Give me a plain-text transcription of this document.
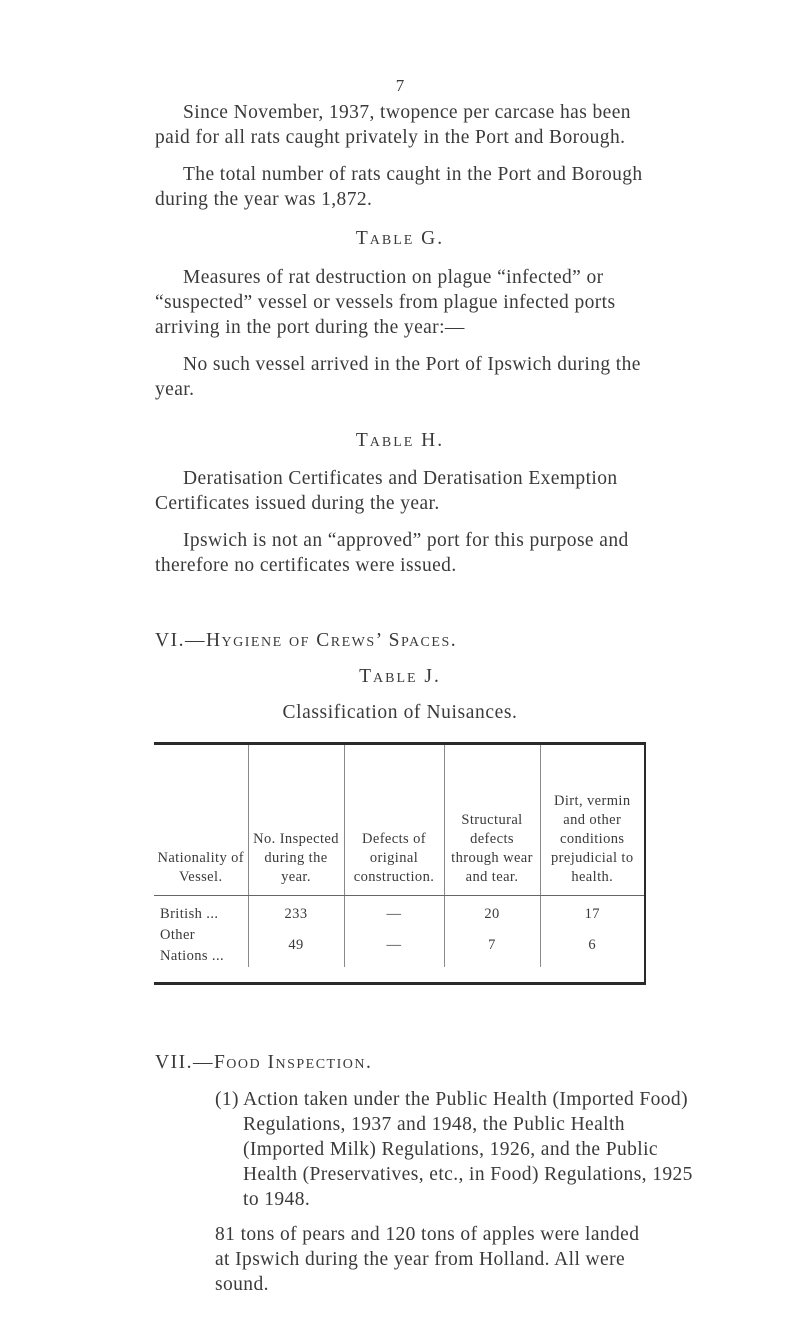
7

Since November, 1937, twopence per carcase has been paid for all rats caught privately in the Port and Borough.

The total number of rats caught in the Port and Borough during the year was 1,872.

Table G.

Measures of rat destruction on plague “infected” or “suspected” vessel or vessels from plague infected ports arriving in the port during the year:—

No such vessel arrived in the Port of Ipswich during the year.

Table H.

Deratisation Certificates and Deratisation Exemption Certificates issued during the year.

Ipswich is not an “approved” port for this purpose and therefore no certificates were issued.

VI.—Hygiene of Crews’ Spaces.
Table J.
Classification of Nuisances.
Nationality of Vessel.	No. Inspected during the year.	Defects of original construction.	Structural defects through wear and tear.	Dirt, vermin and other conditions prejudicial to health.
British ...	233	—	20	17
Other Nations ...	49	—	7	6
VII.—Food Inspection.

(1) Action taken under the Public Health (Imported Food) Regulations, 1937 and 1948, the Public Health (Imported Milk) Regulations, 1926, and the Public Health (Preservatives, etc., in Food) Regulations, 1925 to 1948.

81 tons of pears and 120 tons of apples were landed at Ipswich during the year from Holland. All were sound.
